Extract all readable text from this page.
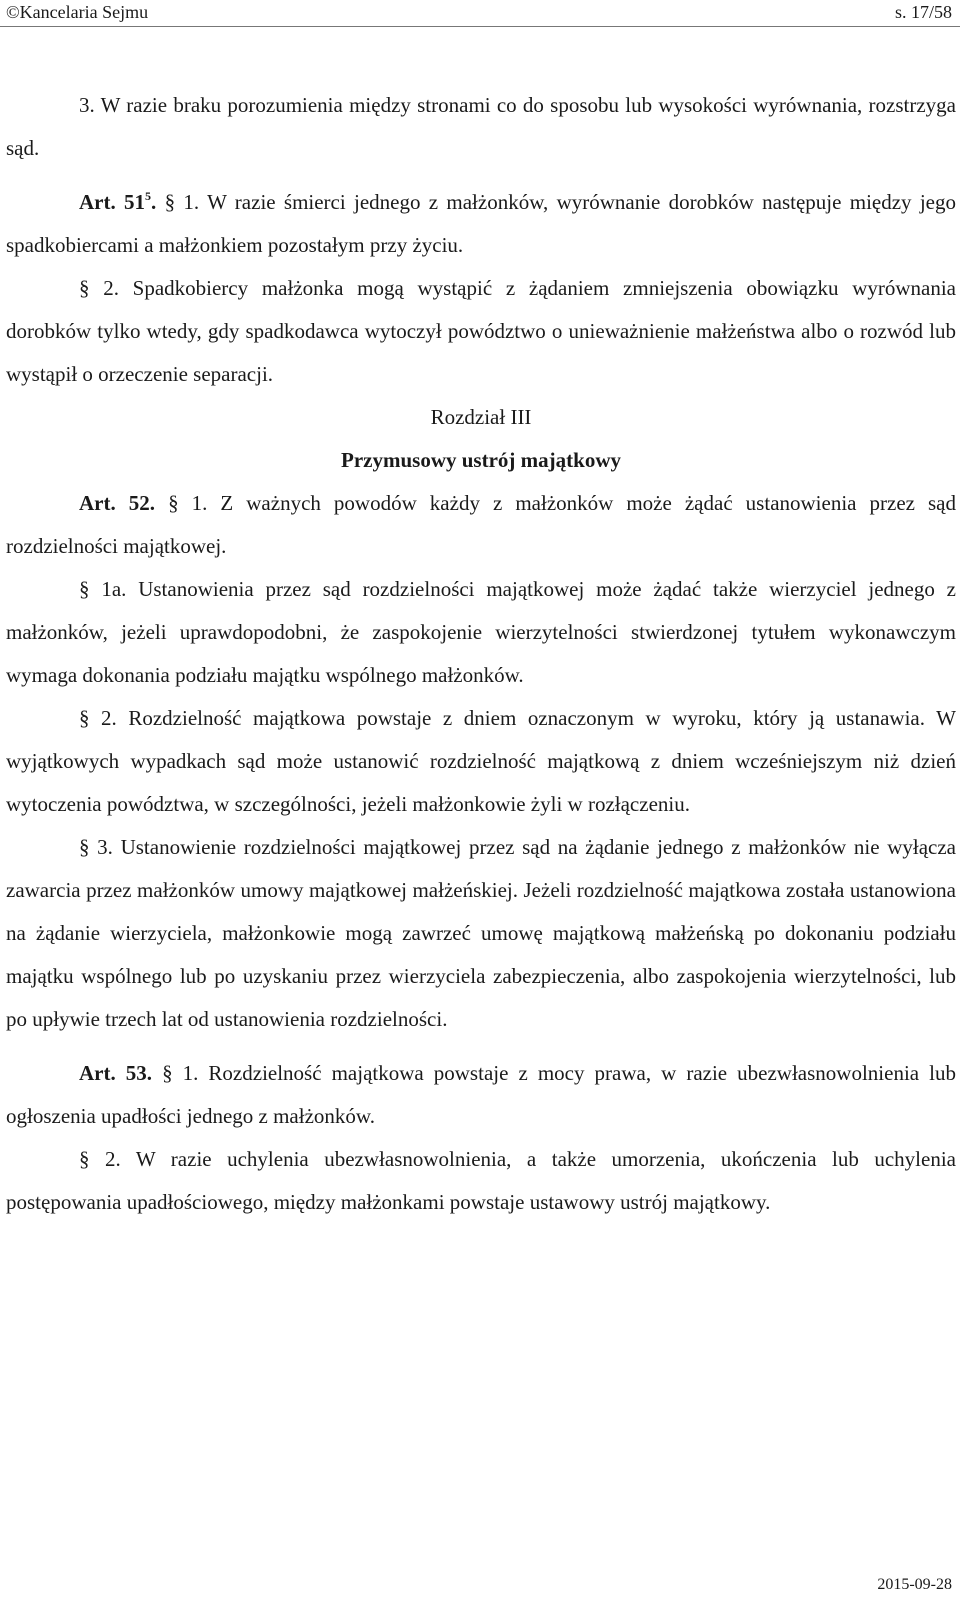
©Kancelaria Sejmu	s. 17/58

3. W razie braku porozumienia między stronami co do sposobu lub wysokości wyrównania, rozstrzyga sąd.

Art. $51^5$. § 1. W razie śmierci jednego z małżonków, wyrównanie dorobków następuje między jego spadkobiercami a małżonkiem pozostałym przy życiu.

§ 2. Spadkobiercy małżonka mogą wystąpić z żądaniem zmniejszenia obowiązku wyrównania dorobków tylko wtedy, gdy spadkodawca wytoczył powództwo o unieważnienie małżeństwa albo o rozwód lub wystąpił o orzeczenie separacji.

Rozdział III

Przymusowy ustrój majątkowy

Art. 52. § 1. Z ważnych powodów każdy z małżonków może żądać ustanowienia przez sąd rozdzielności majątkowej.

§ 1a. Ustanowienia przez sąd rozdzielności majątkowej może żądać także wierzyciel jednego z małżonków, jeżeli uprawdopodobni, że zaspokojenie wierzytelności stwierdzonej tytułem wykonawczym wymaga dokonania podziału majątku wspólnego małżonków.

§ 2. Rozdzielność majątkowa powstaje z dniem oznaczonym w wyroku, który ją ustanawia. W wyjątkowych wypadkach sąd może ustanowić rozdzielność majątkową z dniem wcześniejszym niż dzień wytoczenia powództwa, w szczególności, jeżeli małżonkowie żyli w rozłączeniu.

§ 3. Ustanowienie rozdzielności majątkowej przez sąd na żądanie jednego z małżonków nie wyłącza zawarcia przez małżonków umowy majątkowej małżeńskiej. Jeżeli rozdzielność majątkowa została ustanowiona na żądanie wierzyciela, małżonkowie mogą zawrzeć umowę majątkową małżeńską po dokonaniu podziału majątku wspólnego lub po uzyskaniu przez wierzyciela zabezpieczenia, albo zaspokojenia wierzytelności, lub po upływie trzech lat od ustanowienia rozdzielności.

Art. 53. § 1. Rozdzielność majątkowa powstaje z mocy prawa, w razie ubezwłasnowolnienia lub ogłoszenia upadłości jednego z małżonków.

§ 2. W razie uchylenia ubezwłasnowolnienia, a także umorzenia, ukończenia lub uchylenia postępowania upadłościowego, między małżonkami powstaje ustawowy ustrój majątkowy.

2015-09-28
